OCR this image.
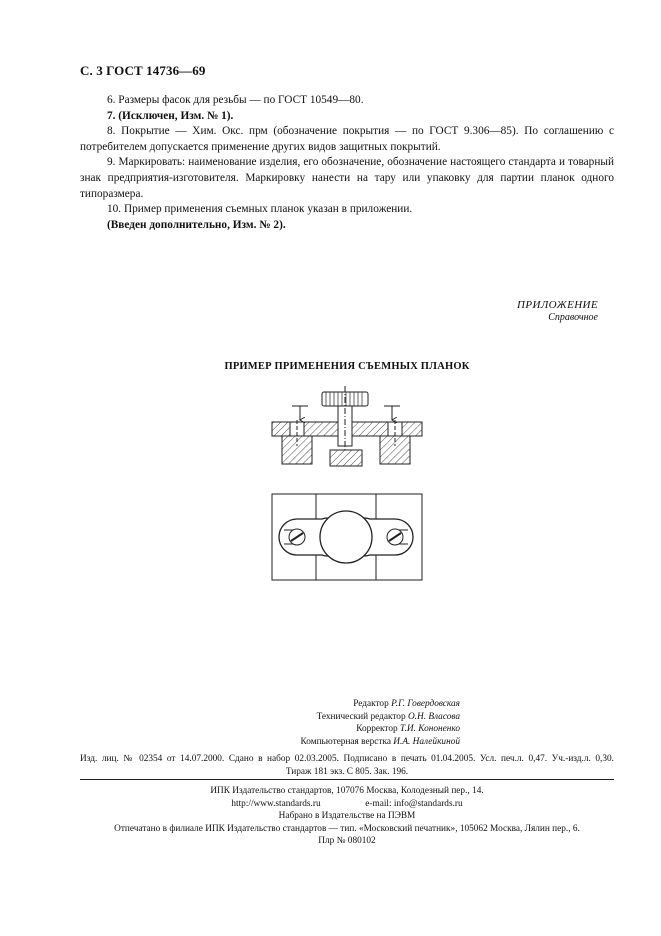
С. 3 ГОСТ 14736—69

6. Размеры фасок для резьбы — по ГОСТ 10549—80.

7. (Исключен, Изм. № 1).

8. Покрытие — Хим. Окс. прм (обозначение покрытия — по ГОСТ 9.306—85). По соглашению с потребителем допускается применение других видов защитных покрытий.

9. Маркировать: наименование изделия, его обозначение, обозначение настоящего стандарта и товарный знак предприятия-изготовителя. Маркировку нанести на тару или упаковку для партии планок одного типоразмера.

10. Пример применения съемных планок указан в приложении.

(Введен дополнительно, Изм. № 2).

ПРИЛОЖЕНИЕ
Справочное
ПРИМЕР ПРИМЕНЕНИЯ СЪЕМНЫХ ПЛАНОК
Редактор Р.Г. Говердовская
Технический редактор О.Н. Власова
Корректор Т.И. Кононенко
Компьютерная верстка И.А. Налейкиной
Изд. лиц. № 02354 от 14.07.2000. Сдано в набор 02.03.2005. Подписано в печать 01.04.2005. Усл. печ.л. 0,47. Уч.-изд.л. 0,30.
Тираж 181 экз. С 805. Зак. 196.
ИПК Издательство стандартов, 107076 Москва, Колодезный пер., 14.
http://www.standards.ru	e-mail: info@standards.ru
Набрано в Издательстве на ПЭВМ
Отпечатано в филиале ИПК Издательство стандартов — тип. «Московский печатник», 105062 Москва, Лялин пер., 6.
Плр № 080102
